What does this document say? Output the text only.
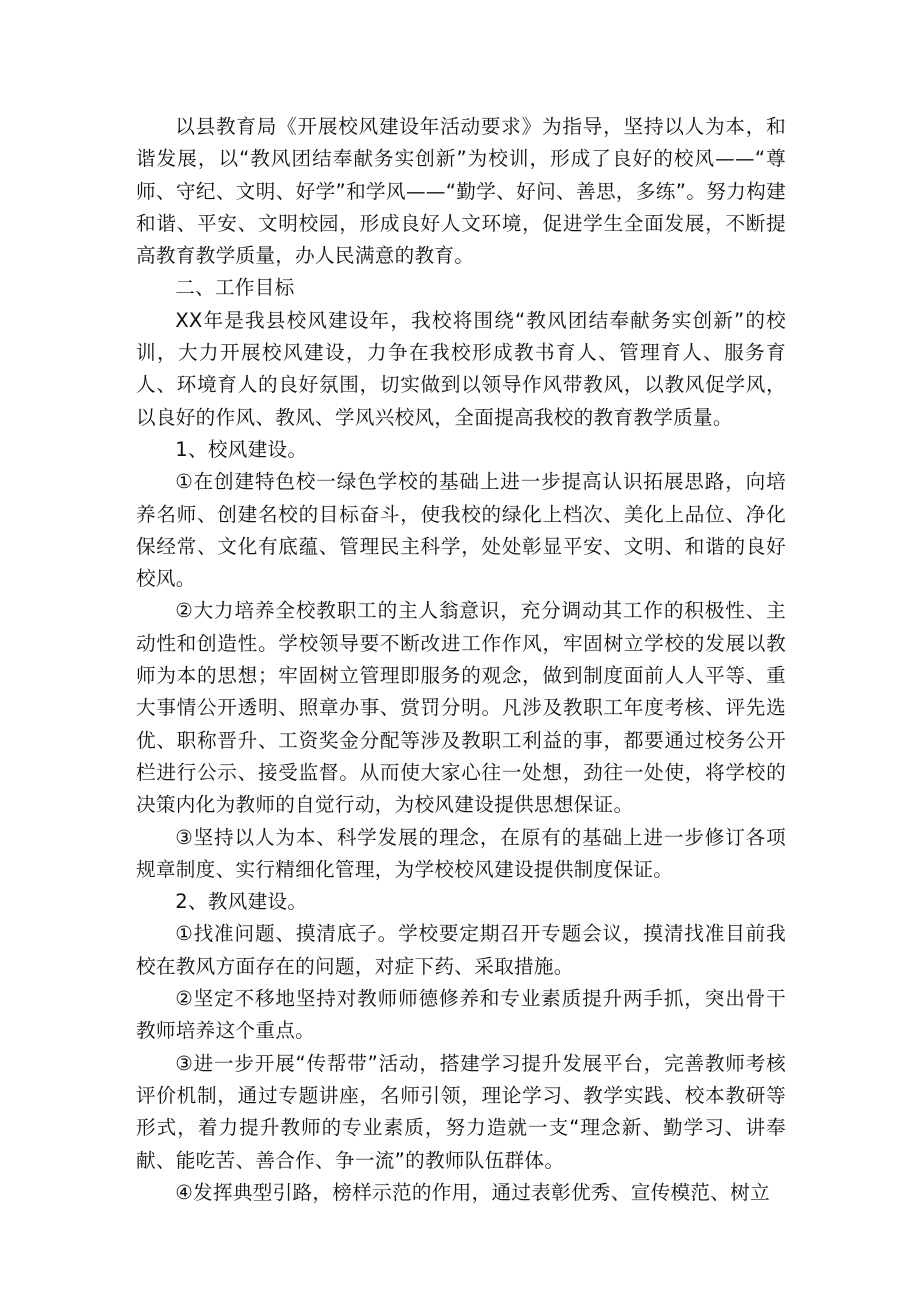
以县教育局《开展校风建设年活动要求》为指导，坚持以人为本，和谐发展，以“教风团结奉献务实创新”为校训，形成了良好的校风——“尊师、守纪、文明、好学”和学风——“勤学、好问、善思，多练”。努力构建和谐、平安、文明校园，形成良好人文环境，促进学生全面发展，不断提高教育教学质量，办人民满意的教育。

二、工作目标

XX年是我县校风建设年，我校将围绕“教风团结奉献务实创新”的校训，大力开展校风建设，力争在我校形成教书育人、管理育人、服务育人、环境育人的良好氛围，切实做到以领导作风带教风，以教风促学风，以良好的作风、教风、学风兴校风，全面提高我校的教育教学质量。

1、校风建设。

①在创建特色校一绿色学校的基础上进一步提高认识拓展思路，向培养名师、创建名校的目标奋斗，使我校的绿化上档次、美化上品位、净化保经常、文化有底蕴、管理民主科学，处处彰显平安、文明、和谐的良好校风。

②大力培养全校教职工的主人翁意识，充分调动其工作的积极性、主动性和创造性。学校领导要不断改进工作作风，牢固树立学校的发展以教师为本的思想；牢固树立管理即服务的观念，做到制度面前人人平等、重大事情公开透明、照章办事、赏罚分明。凡涉及教职工年度考核、评先选优、职称晋升、工资奖金分配等涉及教职工利益的事，都要通过校务公开栏进行公示、接受监督。从而使大家心往一处想，劲往一处使，将学校的决策内化为教师的自觉行动，为校风建设提供思想保证。

③坚持以人为本、科学发展的理念，在原有的基础上进一步修订各项规章制度、实行精细化管理，为学校校风建设提供制度保证。

2、教风建设。

①找准问题、摸清底子。学校要定期召开专题会议，摸清找准目前我校在教风方面存在的问题，对症下药、采取措施。

②坚定不移地坚持对教师师德修养和专业素质提升两手抓，突出骨干教师培养这个重点。

③进一步开展“传帮带”活动，搭建学习提升发展平台，完善教师考核评价机制，通过专题讲座，名师引领，理论学习、教学实践、校本教研等形式，着力提升教师的专业素质，努力造就一支“理念新、勤学习、讲奉献、能吃苦、善合作、争一流”的教师队伍群体。

④发挥典型引路，榜样示范的作用，通过表彰优秀、宣传模范、树立
